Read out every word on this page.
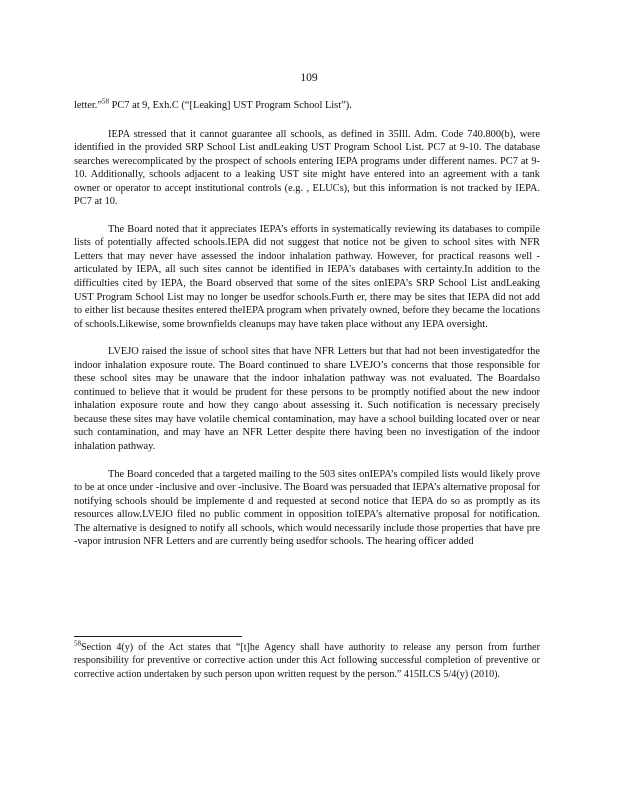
109

letter.”$^{58}$ PC7 at 9, Exh.C (“[Leaking] UST Program School List”).

IEPA stressed that it cannot guarantee all schools, as defined in 35Ill. Adm. Code 740.800(b), were identified in the provided SRP School List andLeaking UST Program School List. PC7 at 9-10. The database searches werecomplicated by the prospect of schools entering IEPA programs under different names. PC7 at 9-10. Additionally, schools adjacent to a leaking UST site might have entered into an agreement with a tank owner or operator to accept institutional controls (e.g. , ELUCs), but this information is not tracked by IEPA. PC7 at 10.

The Board noted that it appreciates IEPA’s efforts in systematically reviewing its databases to compile lists of potentially affected schools.IEPA did not suggest that notice not be given to school sites with NFR Letters that may never have assessed the indoor inhalation pathway. However, for practical reasons well -articulated by IEPA, all such sites cannot be identified in IEPA’s databases with certainty.In addition to the difficulties cited by IEPA, the Board observed that some of the sites onIEPA’s SRP School List andLeaking UST Program School List may no longer be usedfor schools.Furth er, there may be sites that IEPA did not add to either list because thesites entered theIEPA program when privately owned, before they became the locations of schools.Likewise, some brownfields cleanups may have taken place without any IEPA oversight.

LVEJO raised the issue of school sites that have NFR Letters but that had not been investigatedfor the indoor inhalation exposure route. The Board continued to share LVEJO’s concerns that those responsible for these school sites may be unaware that the indoor inhalation pathway was not evaluated. The Boardalso continued to believe that it would be prudent for these persons to be promptly notified about the new indoor inhalation exposure route and how they cango about assessing it. Such notification is necessary precisely because these sites may have volatile chemical contamination, may have a school building located over or near such contamination, and may have an NFR Letter despite there having been no investigation of the indoor inhalation pathway.

The Board conceded that a targeted mailing to the 503 sites onIEPA’s compiled lists would likely prove to be at once under -inclusive and over -inclusive. The Board was persuaded that IEPA’s alternative proposal for notifying schools should be implemente d and requested at second notice that IEPA do so as promptly as its resources allow.LVEJO filed no public comment in opposition toIEPA’s alternative proposal for notification. The alternative is designed to notify all schools, which would necessarily include those properties that have pre -vapor intrusion NFR Letters and are currently being usedfor schools. The hearing officer added

$^{58}$Section 4(y) of the Act states that “[t]he Agency shall have authority to release any person from further responsibility for preventive or corrective action under this Act following successful completion of preventive or corrective action undertaken by such person upon written request by the person.” 415ILCS 5/4(y) (2010).
